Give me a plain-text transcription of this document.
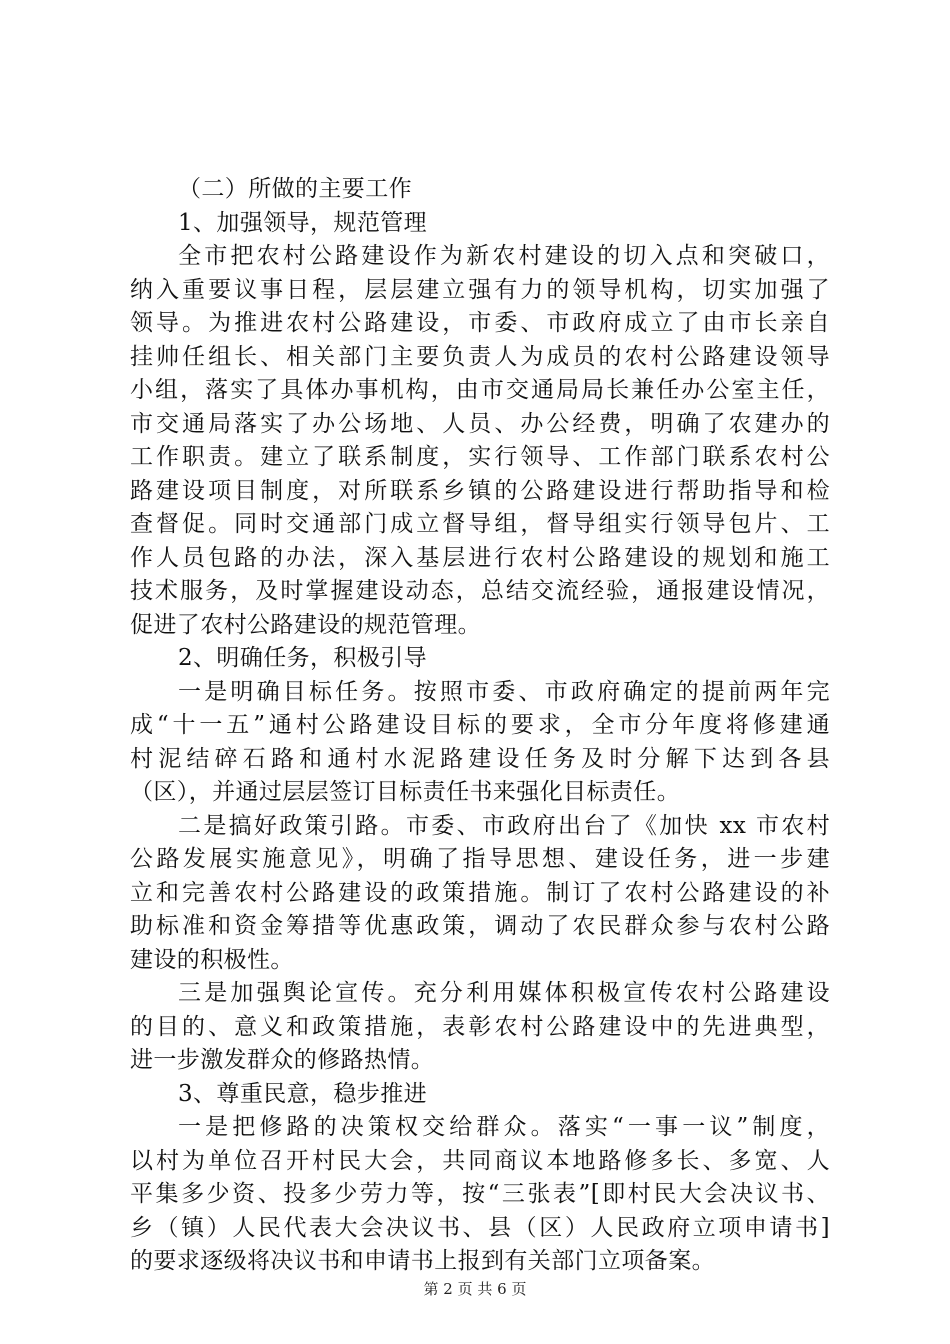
（二）所做的主要工作
1、加强领导，规范管理
全市把农村公路建设作为新农村建设的切入点和突破口，
纳入重要议事日程，层层建立强有力的领导机构，切实加强了
领导。为推进农村公路建设，市委、市政府成立了由市长亲自
挂帅任组长、相关部门主要负责人为成员的农村公路建设领导
小组，落实了具体办事机构，由市交通局局长兼任办公室主任，
市交通局落实了办公场地、人员、办公经费，明确了农建办的
工作职责。建立了联系制度，实行领导、工作部门联系农村公
路建设项目制度，对所联系乡镇的公路建设进行帮助指导和检
查督促。同时交通部门成立督导组，督导组实行领导包片、工
作人员包路的办法，深入基层进行农村公路建设的规划和施工
技术服务，及时掌握建设动态，总结交流经验，通报建设情况，
促进了农村公路建设的规范管理。
2、明确任务，积极引导
一是明确目标任务。按照市委、市政府确定的提前两年完
成“十一五”通村公路建设目标的要求，全市分年度将修建通
村泥结碎石路和通村水泥路建设任务及时分解下达到各县
（区），并通过层层签订目标责任书来强化目标责任。
二是搞好政策引路。市委、市政府出台了《加快 xx 市农村
公路发展实施意见》，明确了指导思想、建设任务，进一步建
立和完善农村公路建设的政策措施。制订了农村公路建设的补
助标准和资金筹措等优惠政策，调动了农民群众参与农村公路
建设的积极性。
三是加强舆论宣传。充分利用媒体积极宣传农村公路建设
的目的、意义和政策措施，表彰农村公路建设中的先进典型，
进一步激发群众的修路热情。
3、尊重民意，稳步推进
一是把修路的决策权交给群众。落实“一事一议”制度，
以村为单位召开村民大会，共同商议本地路修多长、多宽、人
平集多少资、投多少劳力等，按“三张表”[即村民大会决议书、
乡（镇）人民代表大会决议书、县（区）人民政府立项申请书]
的要求逐级将决议书和申请书上报到有关部门立项备案。
第 2 页 共 6 页
